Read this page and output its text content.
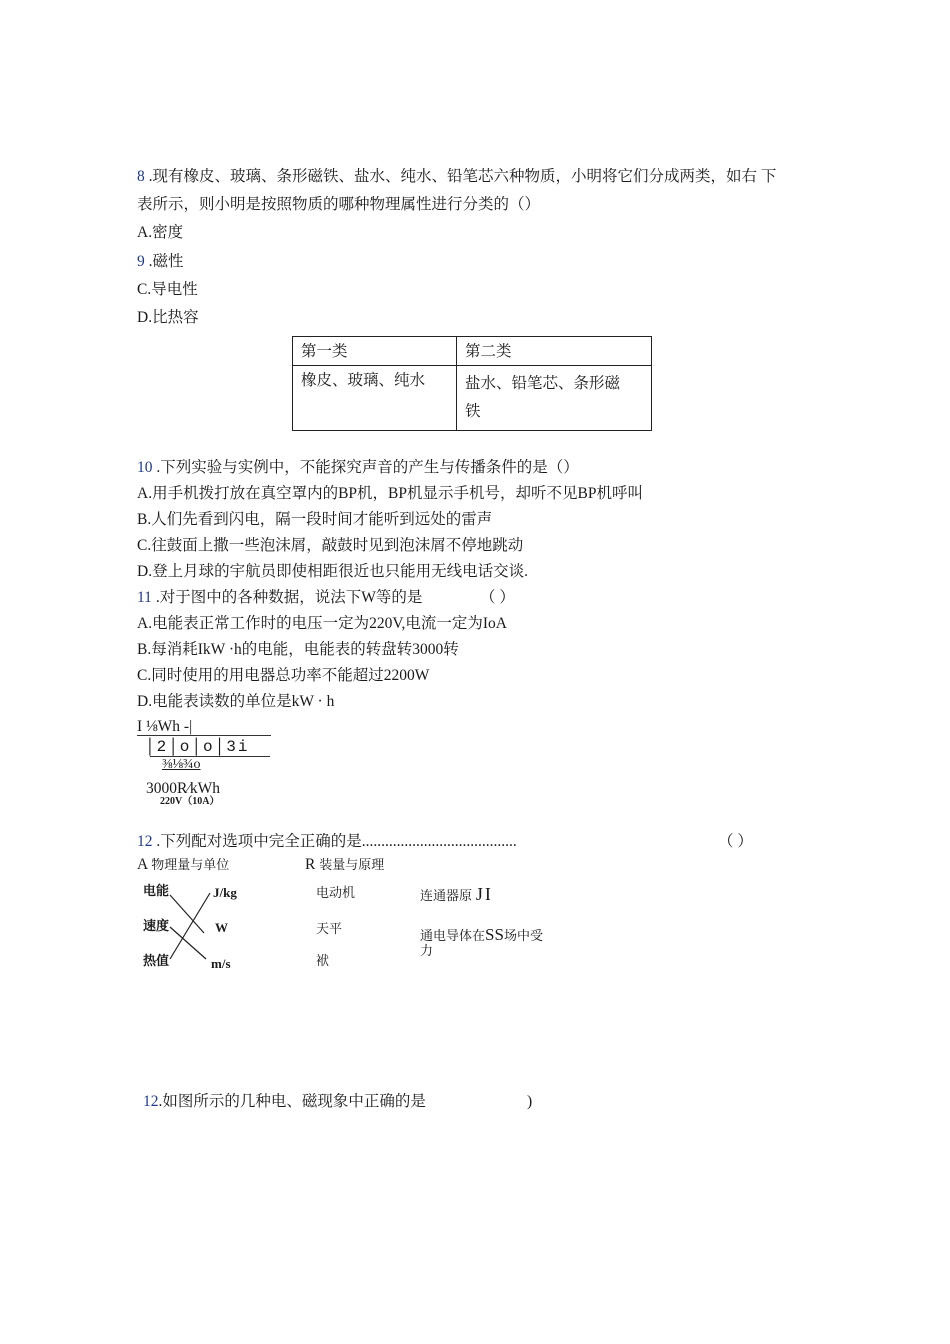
8 .现有橡皮、玻璃、条形磁铁、盐水、纯水、铅笔芯六种物质，小明将它们分成两类，如右 下
表所示，则小明是按照物质的哪种物理属性进行分类的（）
A.密度
9 .磁性
C.导电性
D.比热容
第一类	第二类
橡皮、玻璃、纯水	盐水、铅笔芯、条形磁
铁
10 .下列实验与实例中，不能探究声音的产生与传播条件的是（）
A.用手机拨打放在真空罩内的BP机，BP机显示手机号，却听不见BP机呼叫
B.人们先看到闪电，隔一段时间才能听到远处的雷声
C.往鼓面上撒一些泡沫屑，敲鼓时见到泡沫屑不停地跳动
D.登上月球的宇航员即使相距很近也只能用无线电话交谈.
11 .对于图中的各种数据，说法下W等的是	（ ）
A.电能表正常工作时的电压一定为220V,电流一定为IoA
B.每消耗IkW ·h的电能，电能表的转盘转3000转
C.同时使用的用电器总功率不能超过2200W
D.电能表读数的单位是kW · h
I ⅛Wh -|
│2│o│o│3i
⅜⅛¾o
3000R⁄kWh
220V（10A）
12 .下列配对选项中完全正确的是........................................	（ ）
A 物理量与单位	R 装量与原理
电能
速度
热值
J/kg
W
m/s
电动机
天平
袱
连通器原 JI
通电导体在SS场中受
力
12.如图所示的几种电、磁现象中正确的是	)
